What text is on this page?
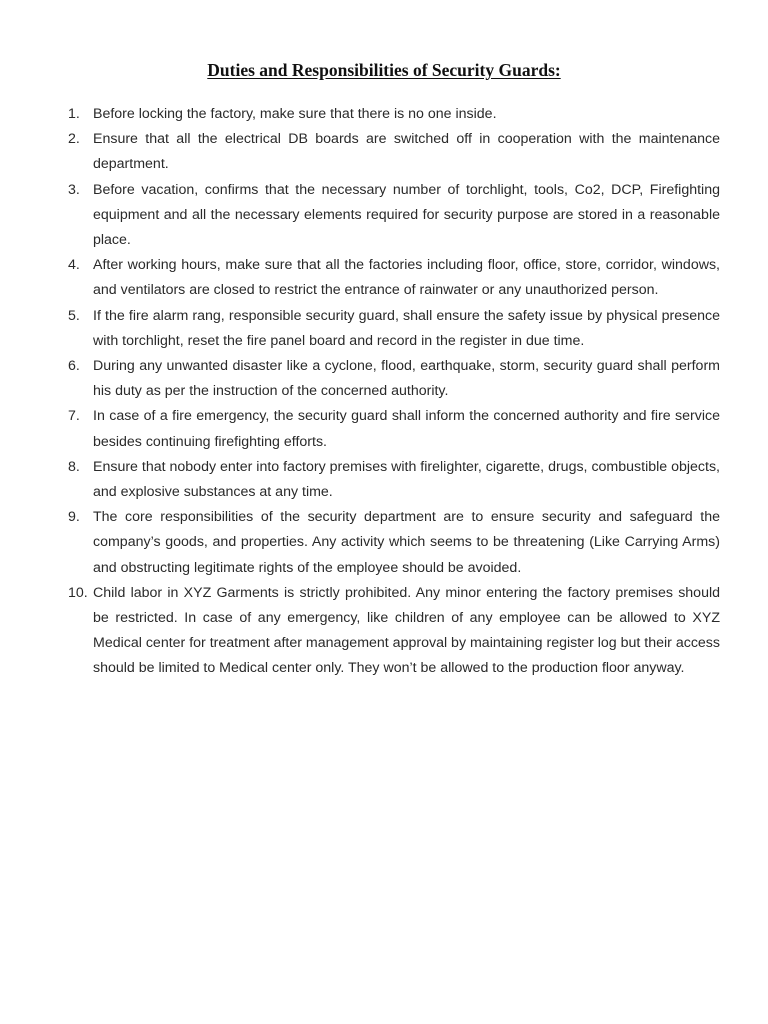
Duties and Responsibilities of Security Guards:
1. Before locking the factory, make sure that there is no one inside.
2. Ensure that all the electrical DB boards are switched off in cooperation with the maintenance department.
3. Before vacation, confirms that the necessary number of torchlight, tools, Co2, DCP, Firefighting equipment and all the necessary elements required for security purpose are stored in a reasonable place.
4. After working hours, make sure that all the factories including floor, office, store, corridor, windows, and ventilators are closed to restrict the entrance of rainwater or any unauthorized person.
5. If the fire alarm rang, responsible security guard, shall ensure the safety issue by physical presence with torchlight, reset the fire panel board and record in the register in due time.
6. During any unwanted disaster like a cyclone, flood, earthquake, storm, security guard shall perform his duty as per the instruction of the concerned authority.
7. In case of a fire emergency, the security guard shall inform the concerned authority and fire service besides continuing firefighting efforts.
8. Ensure that nobody enter into factory premises with firelighter, cigarette, drugs, combustible objects, and explosive substances at any time.
9. The core responsibilities of the security department are to ensure security and safeguard the company’s goods, and properties. Any activity which seems to be threatening (Like Carrying Arms) and obstructing legitimate rights of the employee should be avoided.
10. Child labor in XYZ Garments is strictly prohibited. Any minor entering the factory premises should be restricted. In case of any emergency, like children of any employee can be allowed to XYZ Medical center for treatment after management approval by maintaining register log but their access should be limited to Medical center only. They won’t be allowed to the production floor anyway.
